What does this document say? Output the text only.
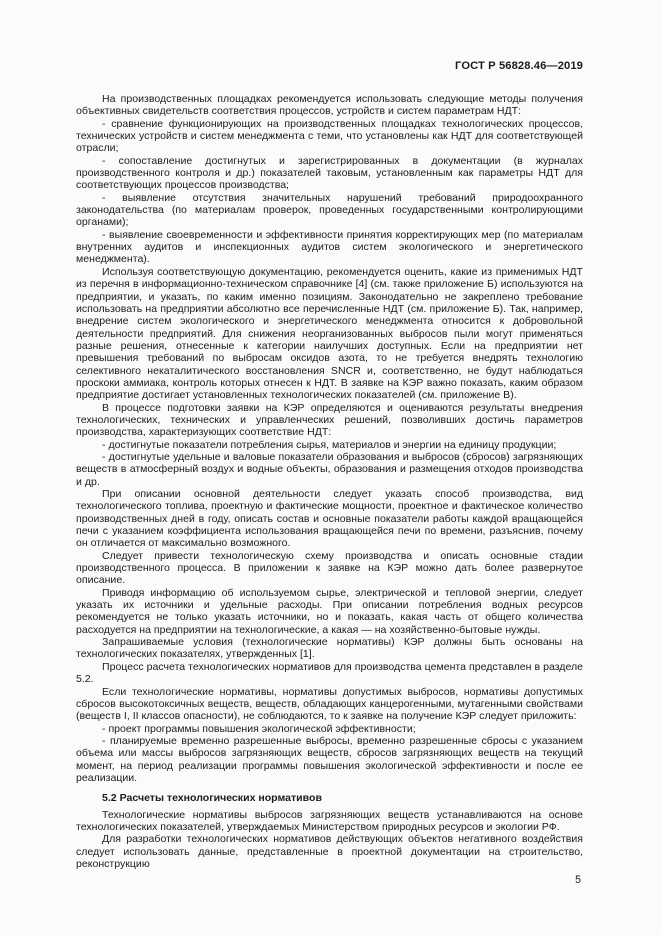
ГОСТ Р 56828.46—2019

На производственных площадках рекомендуется использовать следующие методы получения объективных свидетельств соответствия процессов, устройств и систем параметрам НДТ:

- сравнение функционирующих на производственных площадках технологических процессов, технических устройств и систем менеджмента с теми, что установлены как НДТ для соответствующей отрасли;

- сопоставление достигнутых и зарегистрированных в документации (в журналах производственного контроля и др.) показателей таковым, установленным как параметры НДТ для соответствующих процессов производства;

- выявление отсутствия значительных нарушений требований природоохранного законодательства (по материалам проверок, проведенных государственными контролирующими органами);

- выявление своевременности и эффективности принятия корректирующих мер (по материалам внутренних аудитов и инспекционных аудитов систем экологического и энергетического менеджмента).

Используя соответствующую документацию, рекомендуется оценить, какие из применимых НДТ из перечня в информационно-техническом справочнике [4] (см. также приложение Б) используются на предприятии, и указать, по каким именно позициям. Законодательно не закреплено требование использовать на предприятии абсолютно все перечисленные НДТ (см. приложение Б). Так, например, внедрение систем экологического и энергетического менеджмента относится к добровольной деятельности предприятий. Для снижения неорганизованных выбросов пыли могут применяться разные решения, отнесенные к категории наилучших доступных. Если на предприятии нет превышения требований по выбросам оксидов азота, то не требуется внедрять технологию селективного некаталитического восстановления SNCR и, соответственно, не будут наблюдаться проскоки аммиака, контроль которых отнесен к НДТ. В заявке на КЭР важно показать, каким образом предприятие достигает установленных технологических показателей (см. приложение В).

В процессе подготовки заявки на КЭР определяются и оцениваются результаты внедрения технологических, технических и управленческих решений, позволивших достичь параметров производства, характеризующих соответствие НДТ:

- достигнутые показатели потребления сырья, материалов и энергии на единицу продукции;

- достигнутые удельные и валовые показатели образования и выбросов (сбросов) загрязняющих веществ в атмосферный воздух и водные объекты, образования и размещения отходов производства и др.

При описании основной деятельности следует указать способ производства, вид технологического топлива, проектную и фактические мощности, проектное и фактическое количество производственных дней в году, описать состав и основные показатели работы каждой вращающейся печи с указанием коэффициента использования вращающейся печи по времени, разъяснив, почему он отличается от максимально возможного.

Следует привести технологическую схему производства и описать основные стадии производственного процесса. В приложении к заявке на КЭР можно дать более развернутое описание.

Приводя информацию об используемом сырье, электрической и тепловой энергии, следует указать их источники и удельные расходы. При описании потребления водных ресурсов рекомендуется не только указать источники, но и показать, какая часть от общего количества расходуется на предприятии на технологические, а какая — на хозяйственно-бытовые нужды.

Запрашиваемые условия (технологические нормативы) КЭР должны быть основаны на технологических показателях, утвержденных [1].

Процесс расчета технологических нормативов для производства цемента представлен в разделе 5.2.

Если технологические нормативы, нормативы допустимых выбросов, нормативы допустимых сбросов высокотоксичных веществ, веществ, обладающих канцерогенными, мутагенными свойствами (веществ I, II классов опасности), не соблюдаются, то к заявке на получение КЭР следует приложить:

- проект программы повышения экологической эффективности;

- планируемые временно разрешенные выбросы, временно разрешенные сбросы с указанием объема или массы выбросов загрязняющих веществ, сбросов загрязняющих веществ на текущий момент, на период реализации программы повышения экологической эффективности и после ее реализации.

5.2 Расчеты технологических нормативов

Технологические нормативы выбросов загрязняющих веществ устанавливаются на основе технологических показателей, утверждаемых Министерством природных ресурсов и экологии РФ.

Для разработки технологических нормативов действующих объектов негативного воздействия следует использовать данные, представленные в проектной документации на строительство, реконструкцию

5
